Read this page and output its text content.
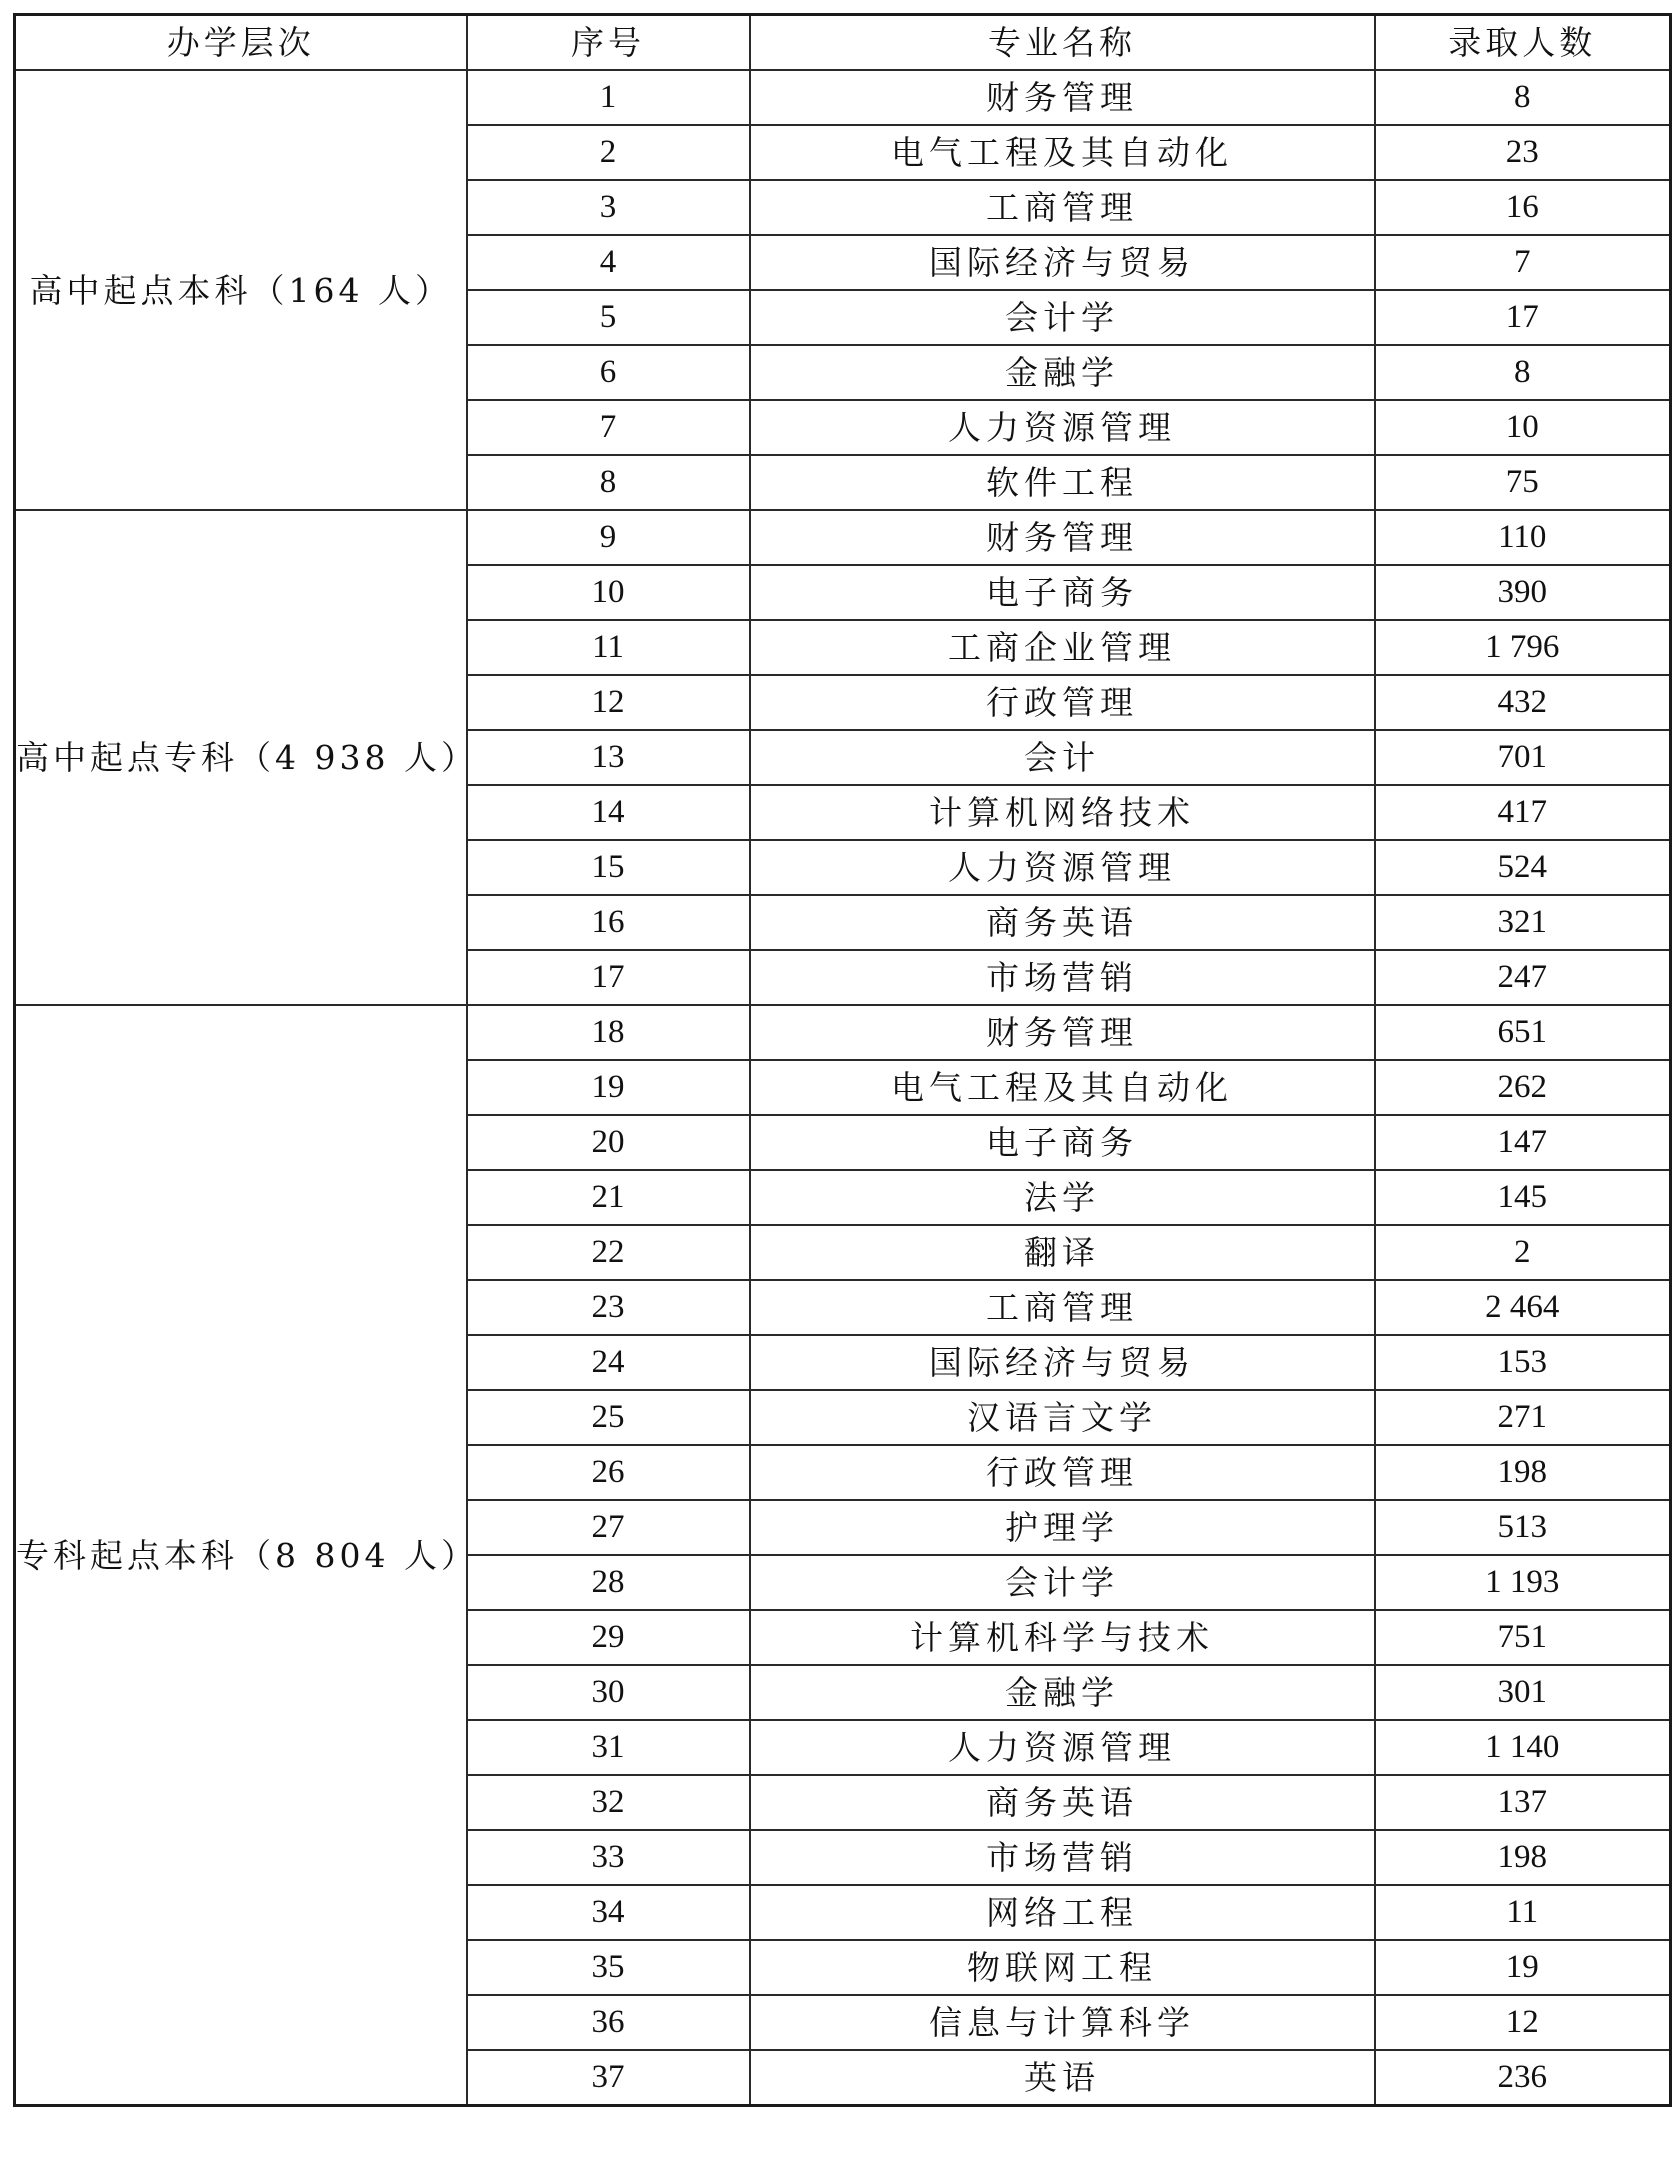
办学层次	序号	专业名称	录取人数
高中起点本科（164 人）	1	财务管理	8
	2	电气工程及其自动化	23
	3	工商管理	16
	4	国际经济与贸易	7
	5	会计学	17
	6	金融学	8
	7	人力资源管理	10
	8	软件工程	75
高中起点专科（4 938 人）	9	财务管理	110
	10	电子商务	390
	11	工商企业管理	1 796
	12	行政管理	432
	13	会计	701
	14	计算机网络技术	417
	15	人力资源管理	524
	16	商务英语	321
	17	市场营销	247
专科起点本科（8 804 人）	18	财务管理	651
	19	电气工程及其自动化	262
	20	电子商务	147
	21	法学	145
	22	翻译	2
	23	工商管理	2 464
	24	国际经济与贸易	153
	25	汉语言文学	271
	26	行政管理	198
	27	护理学	513
	28	会计学	1 193
	29	计算机科学与技术	751
	30	金融学	301
	31	人力资源管理	1 140
	32	商务英语	137
	33	市场营销	198
	34	网络工程	11
	35	物联网工程	19
	36	信息与计算科学	12
	37	英语	236
